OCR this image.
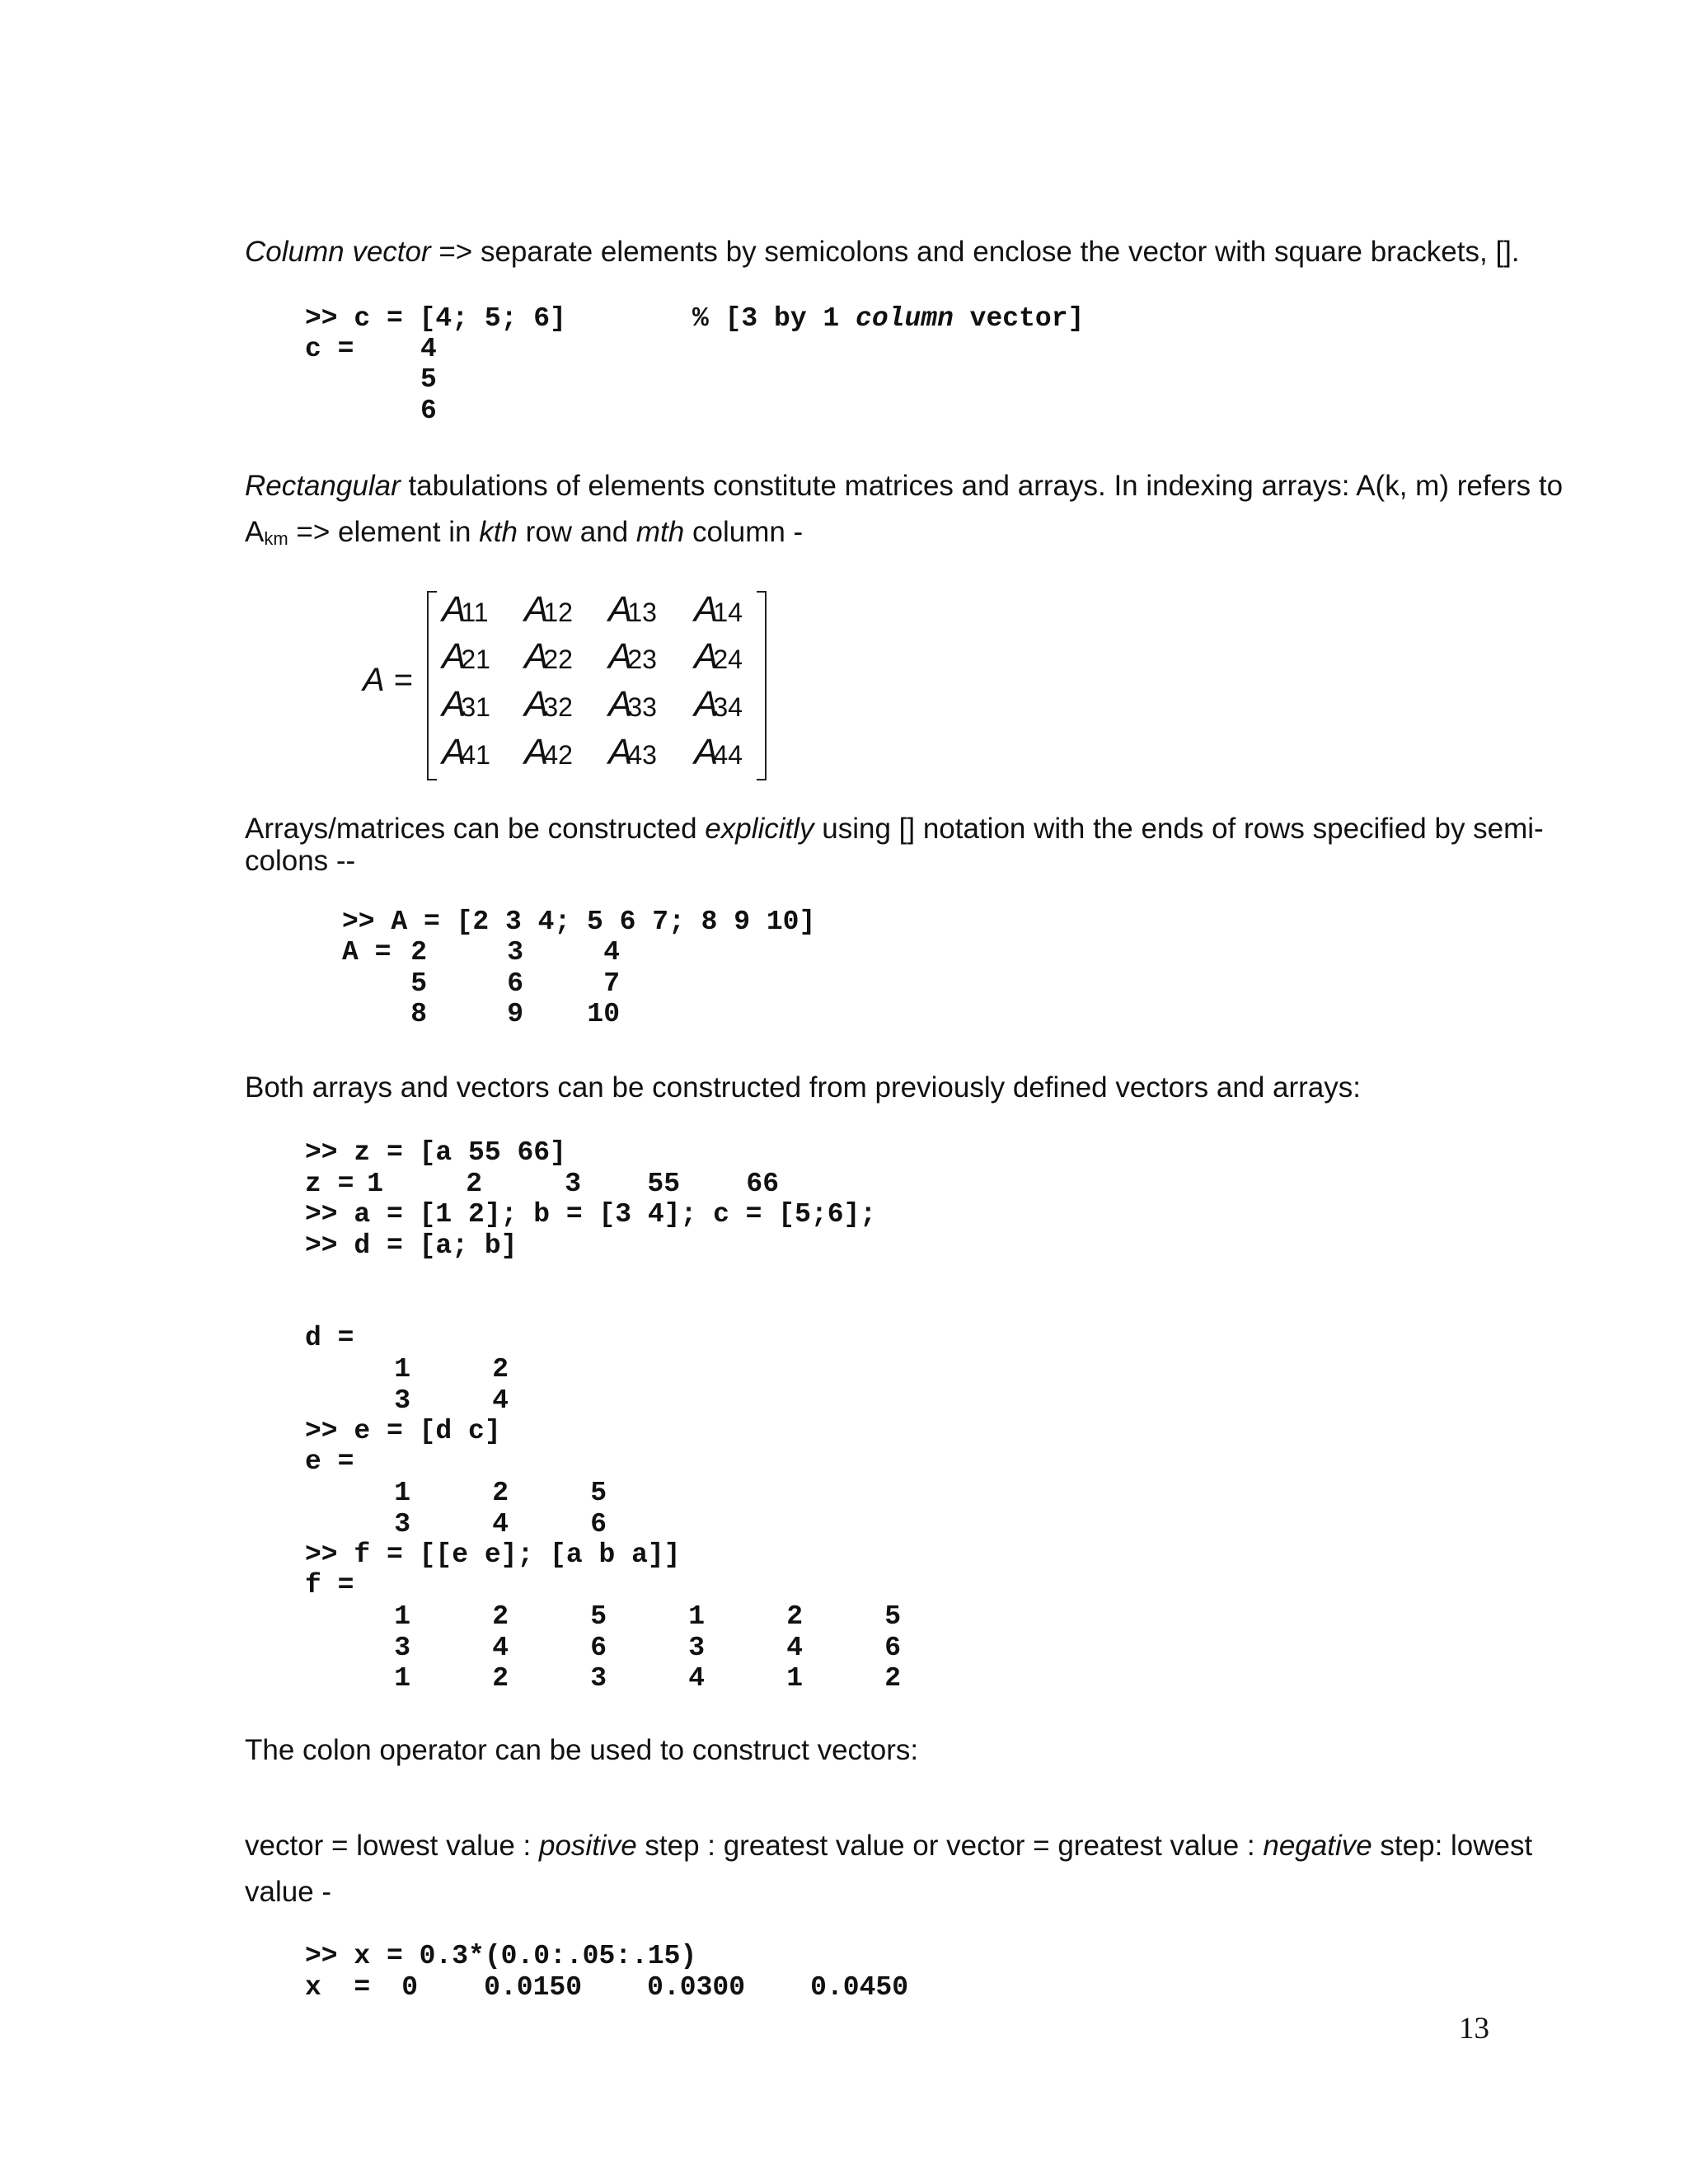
Column vector => separate elements by semicolons and enclose the vector with square brackets, [].
>> c = [4; 5; 6]	% [3 by 1 column vector]
c = 4
5
6
Rectangular tabulations of elements constitute matrices and arrays. In indexing arrays: A(k, m) refers to
Akm => element in kth row and mth column -
A =
A11 A12 A13 A14
A21 A22 A23 A24
A31 A32 A33 A34
A41 A42 A43 A44
Arrays/matrices can be constructed explicitly using [] notation with the ends of rows specified by semi-
colons --
>> A = [2 3 4; 5 6 7; 8 9 10]
A = 2	3	4
5	6	7
8	9	10
Both arrays and vectors can be constructed from previously defined vectors and arrays:
>> z = [a 55 66]
z = 1	2	3	55	66
>> a = [1 2]; b = [3 4]; c = [5;6];
>> d = [a; b]
d =
1	2
3	4
>> e = [d c]
e =
1	2	5
3	4	6
>> f = [[e e]; [a b a]]
f =
1	2	5	1	2	5
3	4	6	3	4	6
1	2	3	4	1	2
The colon operator can be used to construct vectors:
vector = lowest value : positive step : greatest value or vector = greatest value : negative step: lowest
value -
>> x = 0.3*(0.0:.05:.15)
x  =	0 0.0150 0.0300 0.0450
13
